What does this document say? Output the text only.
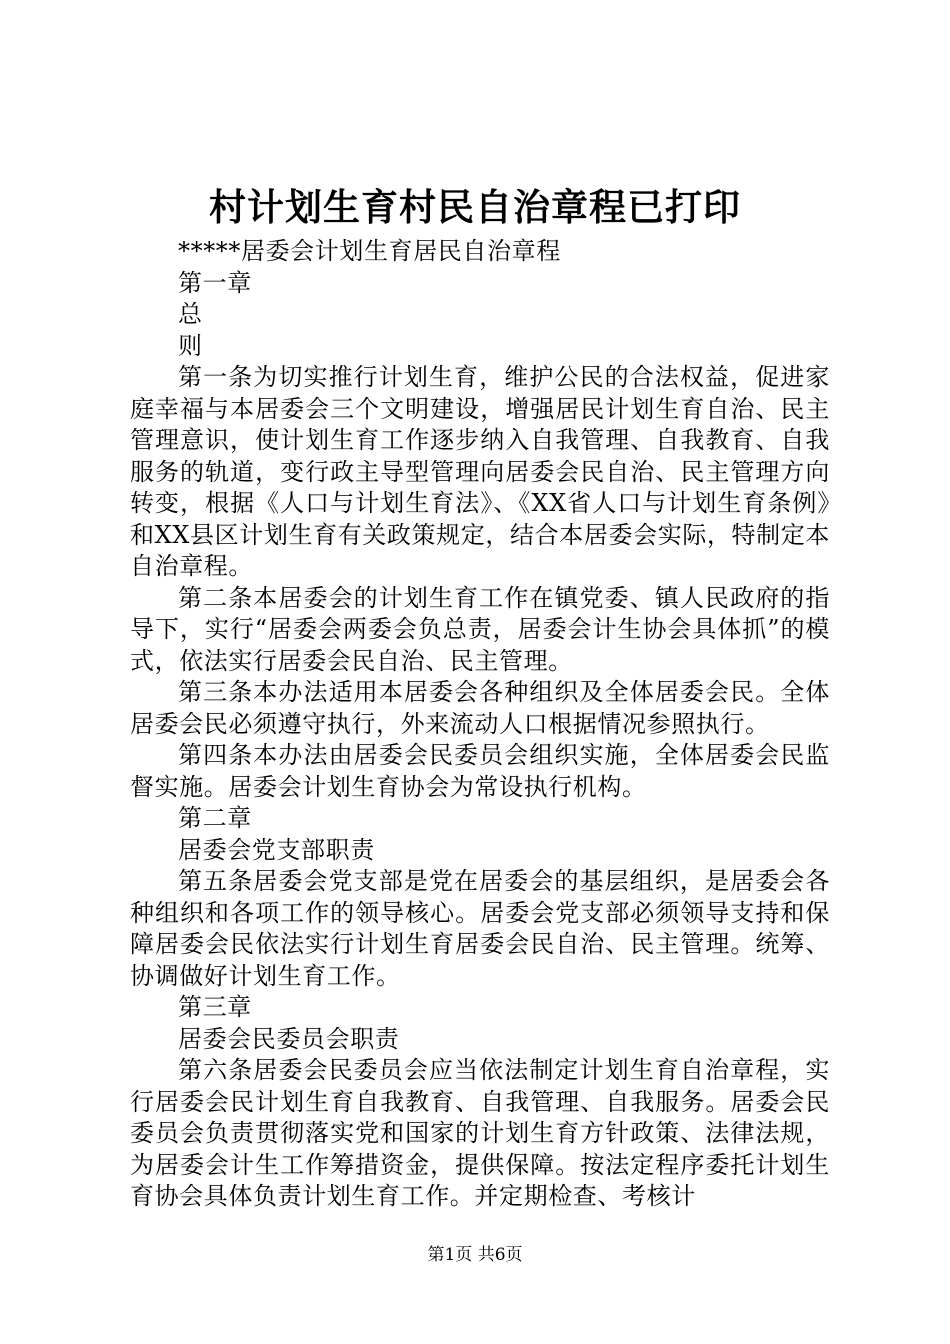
村计划生育村民自治章程已打印

*****居委会计划生育居民自治章程

第一章

总

则

第一条为切实推行计划生育，维护公民的合法权益，促进家庭幸福与本居委会三个文明建设，增强居民计划生育自治、民主管理意识，使计划生育工作逐步纳入自我管理、自我教育、自我服务的轨道，变行政主导型管理向居委会民自治、民主管理方向转变，根据《人口与计划生育法》、《XX省人口与计划生育条例》和XX县区计划生育有关政策规定，结合本居委会实际，特制定本自治章程。

第二条本居委会的计划生育工作在镇党委、镇人民政府的指导下，实行“居委会两委会负总责，居委会计生协会具体抓”的模式，依法实行居委会民自治、民主管理。

第三条本办法适用本居委会各种组织及全体居委会民。全体居委会民必须遵守执行，外来流动人口根据情况参照执行。

第四条本办法由居委会民委员会组织实施，全体居委会民监督实施。居委会计划生育协会为常设执行机构。

第二章

居委会党支部职责

第五条居委会党支部是党在居委会的基层组织，是居委会各种组织和各项工作的领导核心。居委会党支部必须领导支持和保障居委会民依法实行计划生育居委会民自治、民主管理。统筹、协调做好计划生育工作。

第三章

居委会民委员会职责

第六条居委会民委员会应当依法制定计划生育自治章程，实行居委会民计划生育自我教育、自我管理、自我服务。居委会民委员会负责贯彻落实党和国家的计划生育方针政策、法律法规，为居委会计生工作筹措资金，提供保障。按法定程序委托计划生育协会具体负责计划生育工作。并定期检查、考核计

第1页 共6页
